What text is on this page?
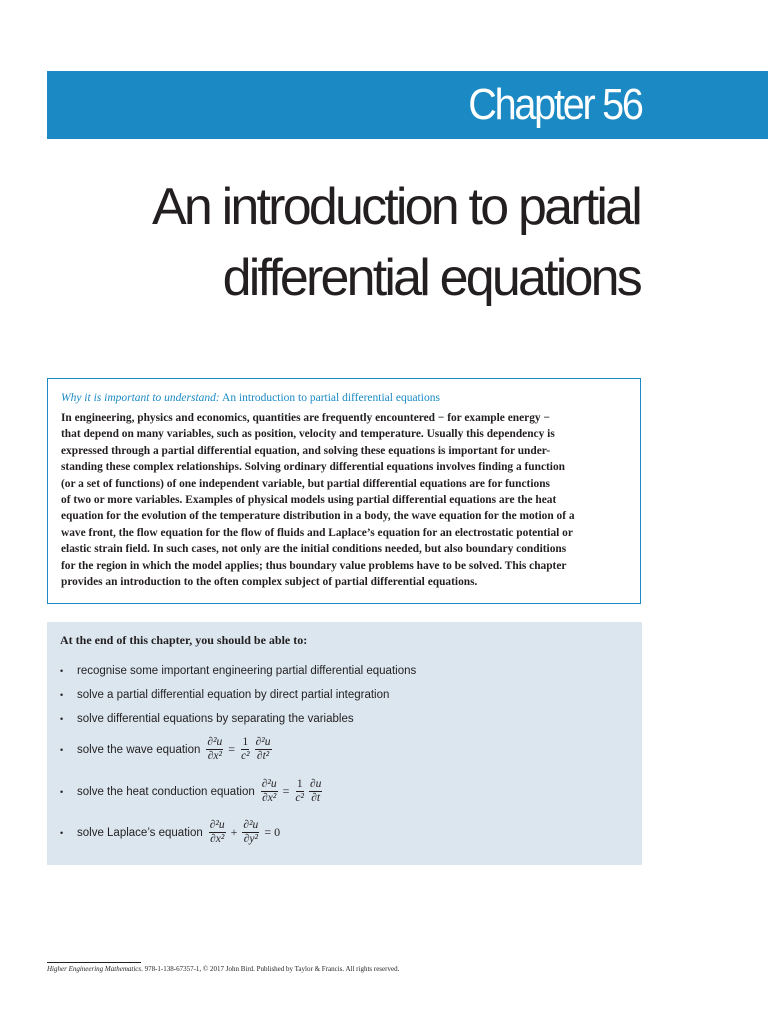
Chapter 56
An introduction to partial
differential equations
Why it is important to understand: An introduction to partial differential equations
In engineering, physics and economics, quantities are frequently encountered − for example energy −
that depend on many variables, such as position, velocity and temperature. Usually this dependency is
expressed through a partial differential equation, and solving these equations is important for under-
standing these complex relationships. Solving ordinary differential equations involves finding a function
(or a set of functions) of one independent variable, but partial differential equations are for functions
of two or more variables. Examples of physical models using partial differential equations are the heat
equation for the evolution of the temperature distribution in a body, the wave equation for the motion of a
wave front, the flow equation for the flow of fluids and Laplace’s equation for an electrostatic potential or
elastic strain field. In such cases, not only are the initial conditions needed, but also boundary conditions
for the region in which the model applies; thus boundary value problems have to be solved. This chapter
provides an introduction to the often complex subject of partial differential equations.
At the end of this chapter, you should be able to:
•	recognise some important engineering partial differential equations
•	solve a partial differential equation by direct partial integration
•	solve differential equations by separating the variables
•	solve the wave equation $\frac{\text{∂²u}}{\text{∂x²}} = \frac{1}{\text{c²}} \frac{\text{∂²u}}{\text{∂t²}}$
•	solve the heat conduction equation $\frac{\text{∂²u}}{\text{∂x²}} = \frac{1}{\text{c²}} \frac{\partial u}{\partial t}$
•	solve Laplace’s equation $\frac{\text{∂²u}}{\text{∂x²}} + \frac{\text{∂²u}}{\text{∂y²}} = 0$
Higher Engineering Mathematics. 978-1-138-67357-1, © 2017 John Bird. Published by Taylor & Francis. All rights reserved.
